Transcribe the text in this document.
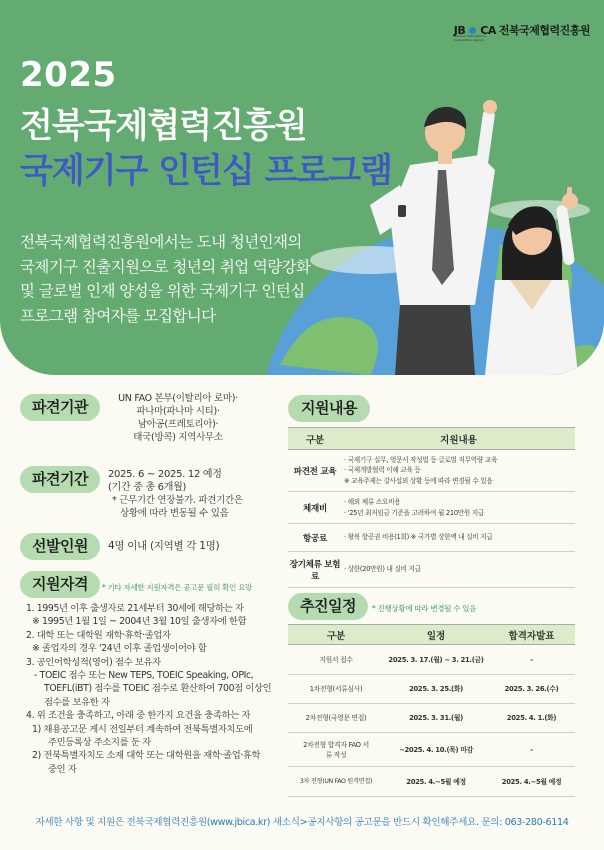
JB CA 전북국제협력진흥원
Jeonbuk International Cooperation Agency
2025
전북국제협력진흥원
국제기구 인턴십 프로그램

전북국제협력진흥원에서는 도내 청년인재의

국제기구 진출지원으로 청년의 취업 역량강화

및 글로벌 인재 양성을 위한 국제기구 인턴십

프로그램 참여자를 모집합니다

파견기관	UN FAO 본부(이탈리아 로마)·
파나마(파나마 시티)·
남아공(프레토리아)·
태국(방콕) 지역사무소
파견기간	2025. 6 ~ 2025. 12 예정
(기간 중 총 6개월)
* 근무기간 연장불가. 파견기간은
상황에 따라 변동될 수 있음
선발인원	4명 이내 (지역별 각 1명)
지원자격	* 기타 자세한 지원자격은 공고문 필히 확인 요망
1. 1995년 이후 출생자로 21세부터 30세에 해당하는 자
※ 1995년 1월 1일 ~ 2004년 3월 10일 출생자에 한함
2. 대학 또는 대학원 재학·휴학·졸업자
※ 졸업자의 경우 '24년 이후 졸업생이어야 함
3. 공인어학성적(영어) 점수 보유자
- TOEIC 점수 또는 New TEPS, TOEIC Speaking, OPIc,
TOEFL(iBT) 점수를 TOEIC 점수로 환산하여 700점 이상인
점수를 보유한 자
4. 위 조건을 충족하고, 아래 중 한가지 요건을 충족하는 자
1) 채용공고문 게시 전일부터 계속하여 전북특별자치도에
주민등록상 주소지를 둔 자
2) 전북특별자치도 소재 대학 또는 대학원을 재학·졸업·휴학
중인 자
지원내용
구분	지원내용
파견전 교육	· 국제기구 실무, 영문서 작성법 등 글로벌 직무역량 교육
· 국제개발협력 이해 교육 등
※ 교육주제는 강사섭외 상황 등에 따라 변경될 수 있음

체재비	· 해외 체류 소요비용
· '25년 최저임금 기준을 고려하여 월 210만원 지급

항공료	· 왕복 항공권 비용(1회) ※ 국가별 상한액 내 실비 지급

장기체류 보험료	· 상한(20만원) 내 실비 지급
추진일정	* 진행상황에 따라 변경될 수 있음
구분	일정	합격자발표
지원서 접수	2025. 3. 17.(월) ~ 3. 21.(금)	-
1차전형(서류심사)	2025. 3. 25.(화)	2025. 3. 26.(수)
2차전형(국영문 면접)	2025. 3. 31.(월)	2025. 4. 1.(화)
2차전형 합격자 FAO 서류 작성	~2025. 4. 10.(목) 마감	-
3차 전형(UN FAO 원격면접)	2025. 4.~5월 예정	2025. 4.~5월 예정
자세한 사항 및 지원은 전북국제협력진흥원(www.jbica.kr) 새소식>공지사항의 공고문을 반드시 확인해주세요. 문의: 063-280-6114
